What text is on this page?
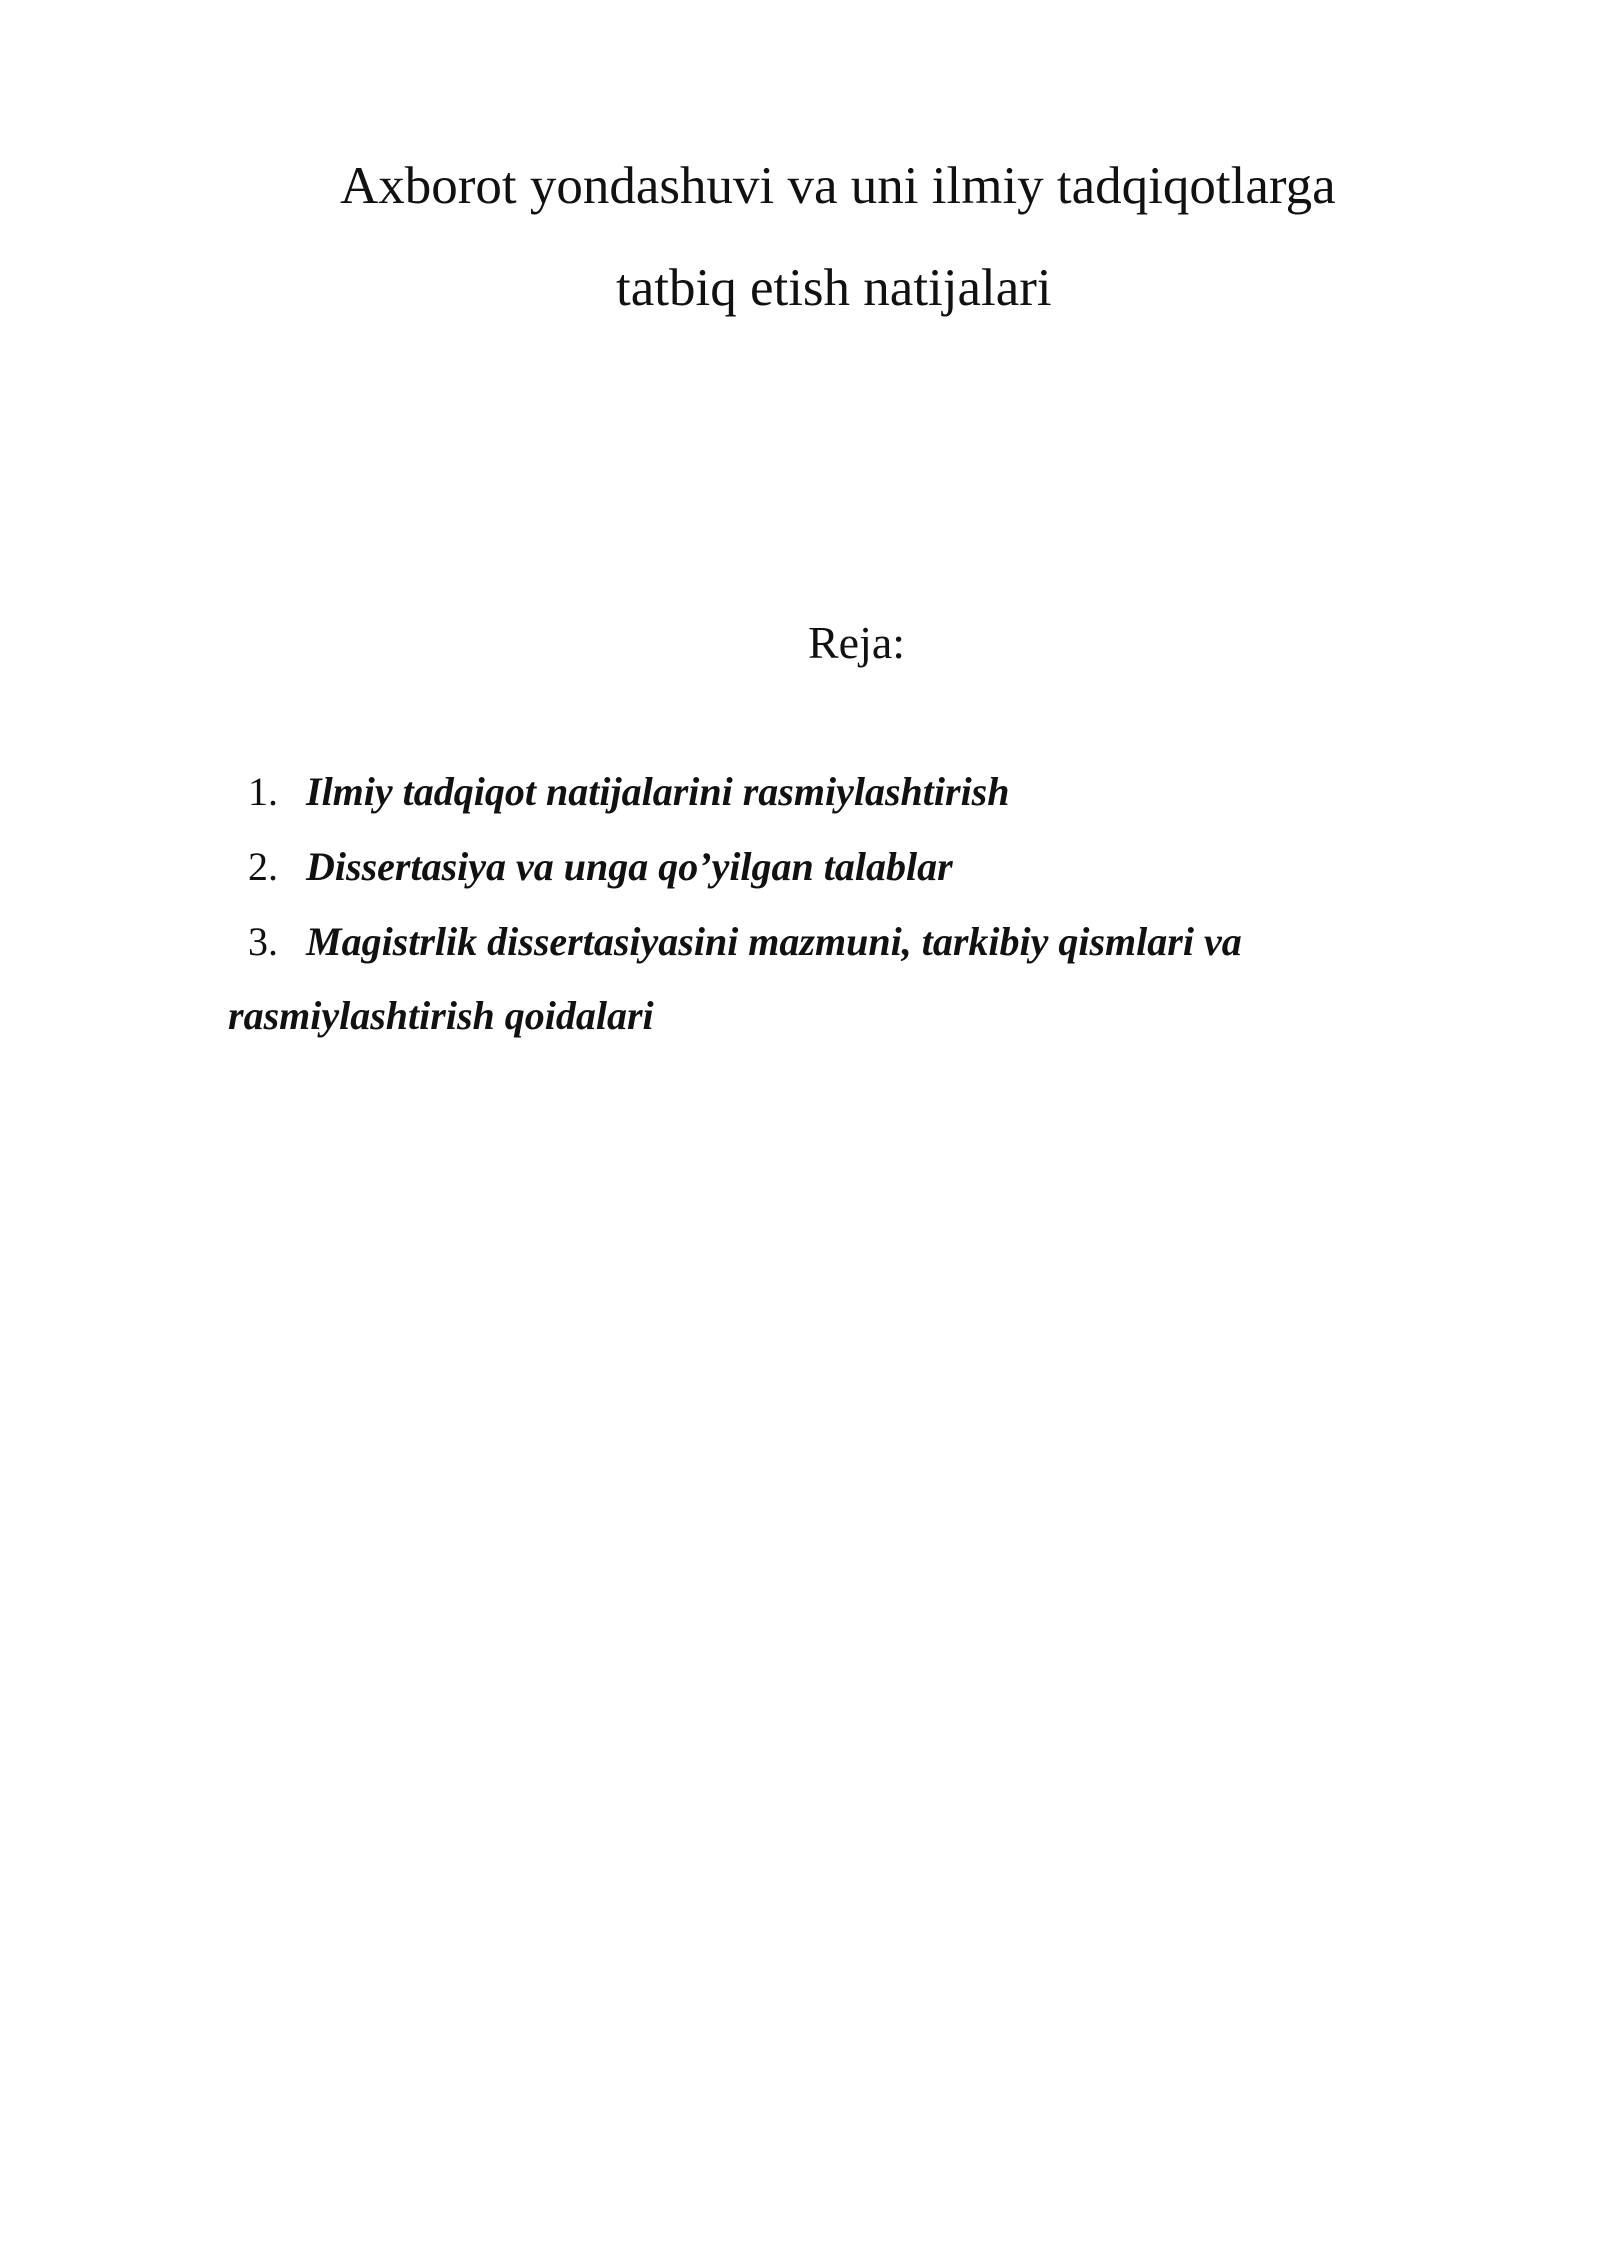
Axborot yondashuvi va uni ilmiy tadqiqotlarga
tatbiq etish natijalari
Reja:
1. Ilmiy tadqiqot natijalarini rasmiylashtirish
2. Dissertasiya va unga qo’yilgan talablar
3. Magistrlik dissertasiyasini mazmuni, tarkibiy qismlari va
rasmiylashtirish qoidalari
